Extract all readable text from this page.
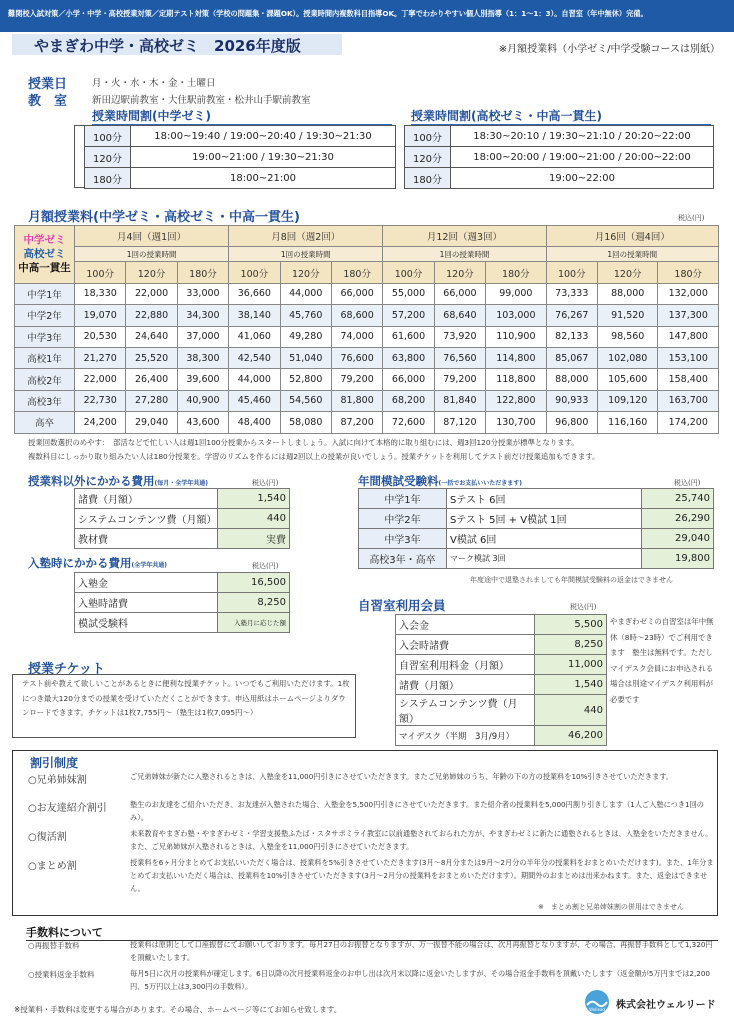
難関校入試対策／小学・中学・高校授業対策／定期テスト対策（学校の問題集・課題OK）。授業時間内複数科目指導OK。丁寧でわかりやすい個人別指導（1：1〜1：3）。自習室（年中無休）完備。
やまぎわ中学・高校ゼミ　2026年度版	※月額授業料（小学ゼミ/中学受験コースは別紙）
授業日	月・火・水・木・金・土曜日
教　室	新田辺駅前教室・大住駅前教室・松井山手駅前教室
授業時間割(中学ゼミ)	授業時間割(高校ゼミ・中高一貫生)
100分	18:00~19:40 / 19:00~20:40 / 19:30~21:30
120分	19:00~21:00 / 19:30~21:30
180分	18:00~21:00
100分	18:30~20:10 / 19:30~21:10 / 20:20~22:00
120分	18:00~20:00 / 19:00~21:00 / 20:00~22:00
180分	19:00~22:00
月額授業料(中学ゼミ・高校ゼミ・中高一貫生)	税込(円)
中学ゼミ
高校ゼミ
中高一貫生	月4回（週1回）			月8回（週2回）			月12回（週3回）			月16回（週4回）		
	1回の授業時間			1回の授業時間			1回の授業時間			1回の授業時間		
	100分	120分	180分	100分	120分	180分	100分	120分	180分	100分	120分	180分
中学1年	18,330	22,000	33,000	36,660	44,000	66,000	55,000	66,000	99,000	73,333	88,000	132,000
中学2年	19,070	22,880	34,300	38,140	45,760	68,600	57,200	68,640	103,000	76,267	91,520	137,300
中学3年	20,530	24,640	37,000	41,060	49,280	74,000	61,600	73,920	110,900	82,133	98,560	147,800
高校1年	21,270	25,520	38,300	42,540	51,040	76,600	63,800	76,560	114,800	85,067	102,080	153,100
高校2年	22,000	26,400	39,600	44,000	52,800	79,200	66,000	79,200	118,800	88,000	105,600	158,400
高校3年	22,730	27,280	40,900	45,460	54,560	81,800	68,200	81,840	122,800	90,933	109,120	163,700
高卒	24,200	29,040	43,600	48,400	58,080	87,200	72,600	87,120	130,700	96,800	116,160	174,200
授業回数選択のめやす：　部活などで忙しい人は週1回100分授業からスタートしましょう。入試に向けて本格的に取り組むには、週3回120分授業が標準となります。
複数科目にしっかり取り組みたい人は180分授業を。学習のリズムを作るには週2回以上の授業が良いでしょう。授業チケットを利用してテスト前だけ授業追加もできます。
授業料以外にかかる費用(毎月・全学年共通)	税込(円)
諸費（月額）	1,540
システムコンテンツ費（月額）	440
教材費	実費
入塾時にかかる費用(全学年共通)	税込(円)
入塾金	16,500
入塾時諸費	8,250
模試受験料	入塾月に応じた額
年間模試受験料(一括でお支払いいただきます)	税込(円)
中学1年	Sテスト 6回	25,740
中学2年	Sテスト 5回 + V模試 1回	26,290
中学3年	V模試 6回	29,040
高校3年・高卒	マーク模試 3回	19,800
年度途中で退塾されましても年間模試受験料の返金はできません
自習室利用会員	税込(円)
入会金	5,500
入会時諸費	8,250
自習室利用料金（月額）	11,000
諸費（月額）	1,540
システムコンテンツ費（月額）	440
マイデスク（半期　3月/9月）	46,200
やまぎわゼミの自習室は年中無休（8時〜23時）でご利用できます　塾生は無料です。ただしマイデスク会員にお申込される場合は別途マイデスク利用料が必要です
授業チケット
テスト前や教えて欲しいことがあるときに便利な授業チケット。いつでもご利用いただけます。1枚につき最大120分までの授業を受けていただくことができます。申込用紙はホームページよりダウンロードできます。チケットは1枚7,755円〜（塾生は1枚7,095円〜）
割引制度
○兄弟姉妹割	ご兄弟姉妹が新たに入塾されるときは、入塾金を11,000円引きにさせていただきます。またご兄弟姉妹のうち、年齢の下の方の授業料を10%引きさせていただきます。
○お友達紹介割引	塾生のお友達をご紹介いただき、お友達が入塾された場合、入塾金を5,500円引きにさせていただきます。また紹介者の授業料を5,000円割り引きします（1人ご入塾につき1回のみ）。
○復活割	未来教育やまぎわ塾・やまぎわゼミ・学習支援塾ふたば・スタサポミライ教室に以前通塾されておられた方が、やまぎわゼミに新たに通塾されるときは、入塾金をいただきません。また、ご兄弟姉妹が入塾されるときは、入塾金を11,000円引きにさせていただきます。
○まとめ割	授業料を6ヶ月分まとめてお支払いいただく場合は、授業料を5%引きさせていただきます(3月〜8月分または9月〜2月分の半年分の授業料をおまとめいただけます)。また、1年分まとめてお支払いいただく場合は、授業料を10%引きさせていただきます(3月〜2月分の授業料をおまとめいただけます）。期間外のおまとめは出来かねます。また、返金はできません。
※　まとめ割と兄弟姉妹割の併用はできません
手数料について
○再振替手数料	授業料は原則として口座振替にてお願いしております。毎月27日のお振替となりますが、万一振替不能の場合は、次月再振替となりますが、その場合、再振替手数料として1,320円を頂戴いたします。
○授業料返金手数料	毎月5日に次月の授業料が確定します。6日以降の次月授業料返金のお申し出は次月末以降に返金いたしますが、その場合返金手数料を頂戴いたします（返金額が5万円までは2,200円、5万円以上は3,300円の手数料）。
※授業料・手数料は変更する場合があります。その場合、ホームページ等にてお知らせ致します。	Wellead	株式会社ウェルリード
